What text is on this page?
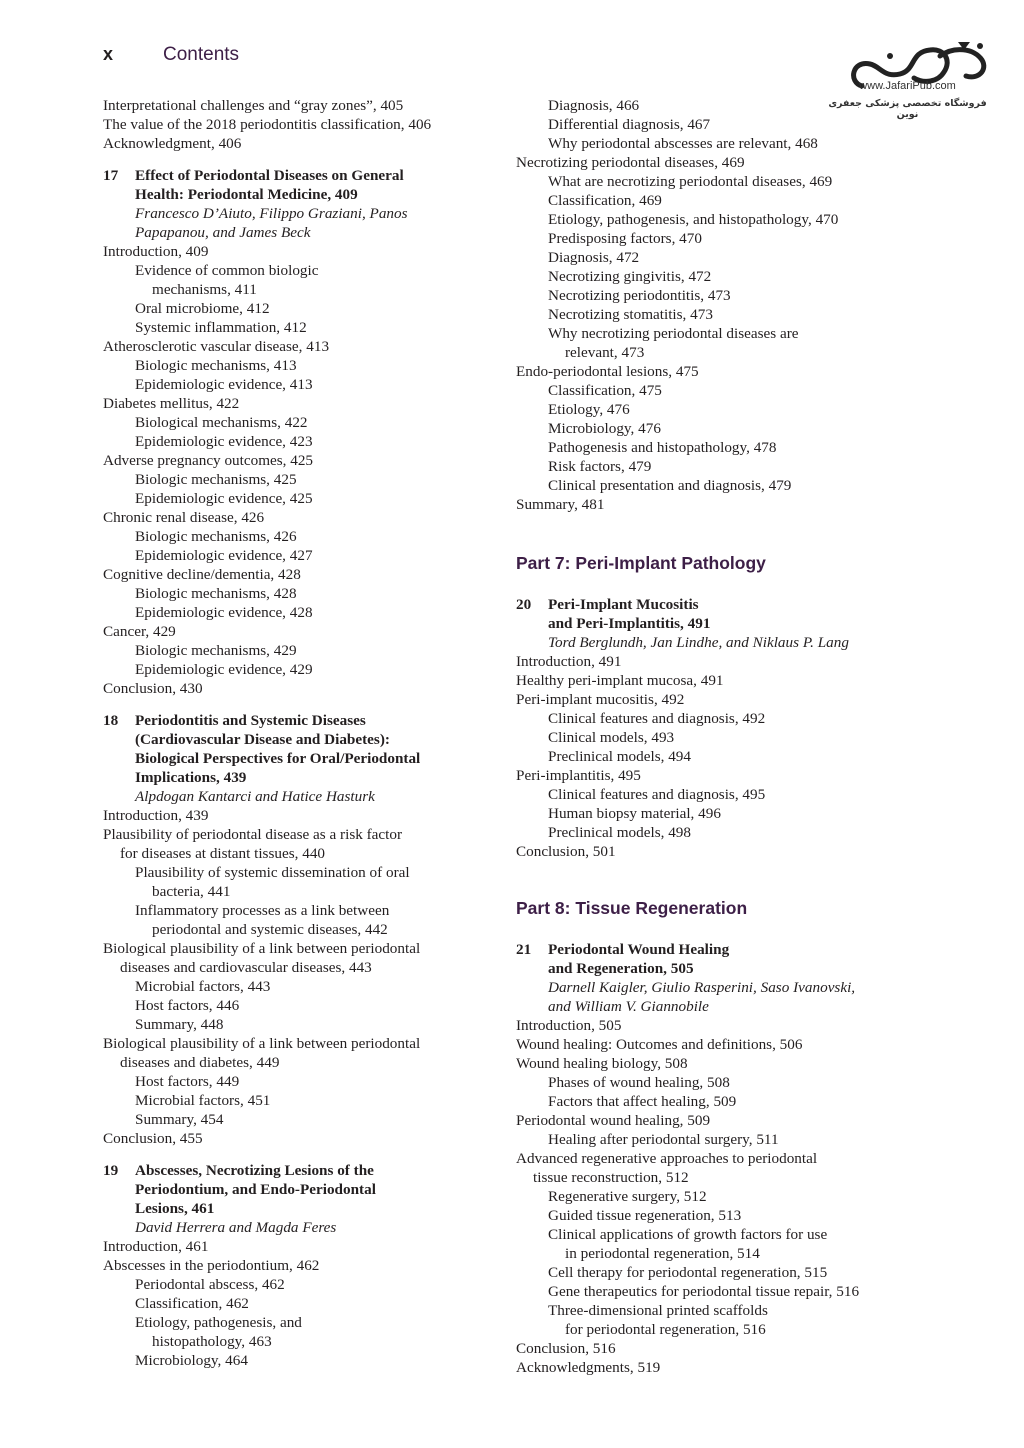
x	Contents
www.JafariPub.com
فروشگاه تخصصی پزشکی جعفری نوین
Interpretational challenges and “gray zones”, 405
The value of the 2018 periodontitis classification, 406
Acknowledgment, 406
17	Effect of Periodontal Diseases on General
Health: Periodontal Medicine, 409
Francesco D’Aiuto, Filippo Graziani, Panos
Papapanou, and James Beck
Introduction, 409
Evidence of common biologic
mechanisms, 411
Oral microbiome, 412
Systemic inflammation, 412
Atherosclerotic vascular disease, 413
Biologic mechanisms, 413
Epidemiologic evidence, 413
Diabetes mellitus, 422
Biological mechanisms, 422
Epidemiologic evidence, 423
Adverse pregnancy outcomes, 425
Biologic mechanisms, 425
Epidemiologic evidence, 425
Chronic renal disease, 426
Biologic mechanisms, 426
Epidemiologic evidence, 427
Cognitive decline/dementia, 428
Biologic mechanisms, 428
Epidemiologic evidence, 428
Cancer, 429
Biologic mechanisms, 429
Epidemiologic evidence, 429
Conclusion, 430
18	Periodontitis and Systemic Diseases
(Cardiovascular Disease and Diabetes):
Biological Perspectives for Oral/Periodontal
Implications, 439
Alpdogan Kantarci and Hatice Hasturk
Introduction, 439
Plausibility of periodontal disease as a risk factor
for diseases at distant tissues, 440
Plausibility of systemic dissemination of oral
bacteria, 441
Inflammatory processes as a link between
periodontal and systemic diseases, 442
Biological plausibility of a link between periodontal
diseases and cardiovascular diseases, 443
Microbial factors, 443
Host factors, 446
Summary, 448
Biological plausibility of a link between periodontal
diseases and diabetes, 449
Host factors, 449
Microbial factors, 451
Summary, 454
Conclusion, 455
19	Abscesses, Necrotizing Lesions of the
Periodontium, and Endo-Periodontal
Lesions, 461
David Herrera and Magda Feres
Introduction, 461
Abscesses in the periodontium, 462
Periodontal abscess, 462
Classification, 462
Etiology, pathogenesis, and
histopathology, 463
Microbiology, 464
Diagnosis, 466
Differential diagnosis, 467
Why periodontal abscesses are relevant, 468
Necrotizing periodontal diseases, 469
What are necrotizing periodontal diseases, 469
Classification, 469
Etiology, pathogenesis, and histopathology, 470
Predisposing factors, 470
Diagnosis, 472
Necrotizing gingivitis, 472
Necrotizing periodontitis, 473
Necrotizing stomatitis, 473
Why necrotizing periodontal diseases are
relevant, 473
Endo-periodontal lesions, 475
Classification, 475
Etiology, 476
Microbiology, 476
Pathogenesis and histopathology, 478
Risk factors, 479
Clinical presentation and diagnosis, 479
Summary, 481
Part 7: Peri-Implant Pathology
20	Peri-Implant Mucositis
and Peri-Implantitis, 491
Tord Berglundh, Jan Lindhe, and Niklaus P. Lang
Introduction, 491
Healthy peri-implant mucosa, 491
Peri-implant mucositis, 492
Clinical features and diagnosis, 492
Clinical models, 493
Preclinical models, 494
Peri-implantitis, 495
Clinical features and diagnosis, 495
Human biopsy material, 496
Preclinical models, 498
Conclusion, 501
Part 8: Tissue Regeneration
21	Periodontal Wound Healing
and Regeneration, 505
Darnell Kaigler, Giulio Rasperini, Saso Ivanovski,
and William V. Giannobile
Introduction, 505
Wound healing: Outcomes and definitions, 506
Wound healing biology, 508
Phases of wound healing, 508
Factors that affect healing, 509
Periodontal wound healing, 509
Healing after periodontal surgery, 511
Advanced regenerative approaches to periodontal
tissue reconstruction, 512
Regenerative surgery, 512
Guided tissue regeneration, 513
Clinical applications of growth factors for use
in periodontal regeneration, 514
Cell therapy for periodontal regeneration, 515
Gene therapeutics for periodontal tissue repair, 516
Three-dimensional printed scaffolds
for periodontal regeneration, 516
Conclusion, 516
Acknowledgments, 519
